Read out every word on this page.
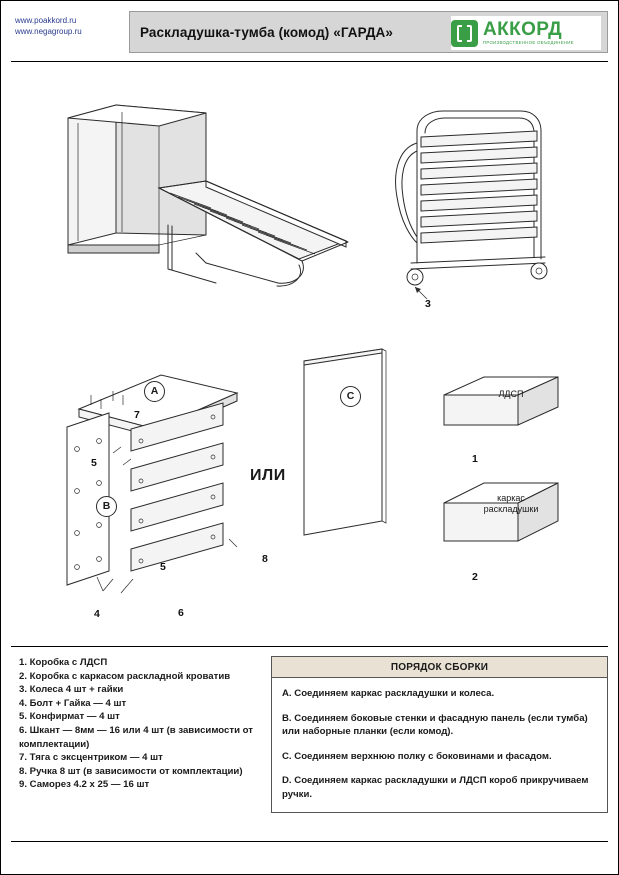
www.poakkord.ru
www.negagroup.ru	Раскладушка-тумба (комод) «ГАРДА»	АККОРД
ПРОИЗВОДСТВЕННОЕ ОБЪЕДИНЕНИЕ
3
A
B
7
5
5
4	6
8
ИЛИ
C	ЛДСП
1
каркас
раскладушки
2
1. Коробка с ЛДСП
2. Коробка с каркасом раскладной кроватив
3. Колеса 4 шт + гайки
4. Болт + Гайка — 4 шт
5. Конфирмат — 4 шт
6. Шкант — 8мм — 16 или 4 шт (в зависимости от комплектации)
7. Тяга с эксцентриком — 4 шт
8. Ручка 8 шт (в зависимости от комплектации)
9. Саморез 4.2 х 25 — 16 шт
ПОРЯДОК СБОРКИ

A. Соединяем каркас раскладушки и колеса.

B. Соединяем боковые стенки и фасадную панель (если тумба) или наборные планки (если комод).

C. Соединяем верхнюю полку с боковинами и фасадом.

D. Соединяем каркас раскладушки и ЛДСП короб прикручиваем ручки.
